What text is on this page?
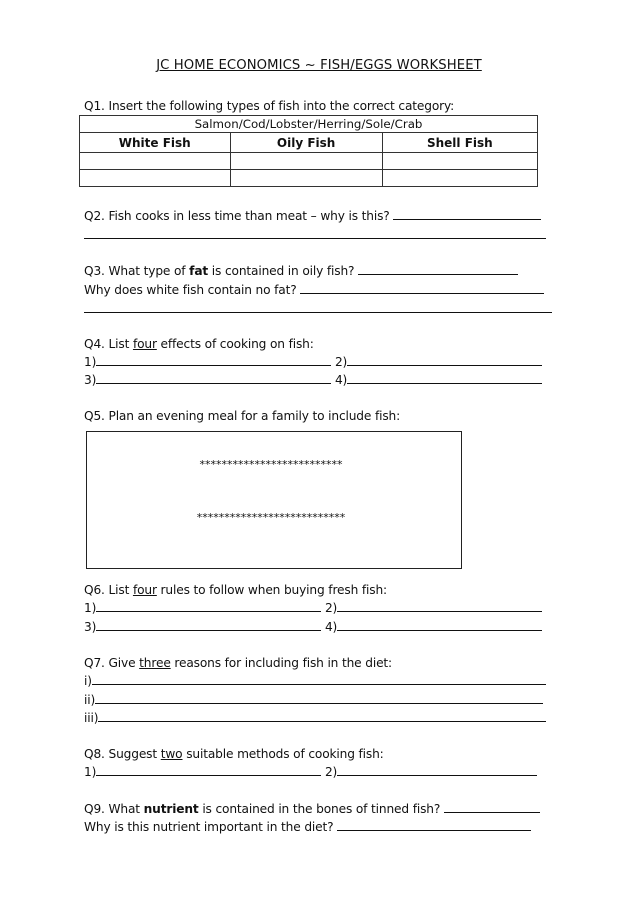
JC HOME ECONOMICS ~ FISH/EGGS WORKSHEET
Q1. Insert the following types of fish into the correct category:
Salmon/Cod/Lobster/Herring/Sole/Crab		
White Fish	Oily Fish	Shell Fish

Q2. Fish cooks in less time than meat – why is this?
Q3. What type of fat is contained in oily fish?
Why does white fish contain no fat?
Q4. List four effects of cooking on fish:
1)	2)
3)	4)
Q5. Plan an evening meal for a family to include fish:
**************************
***************************
Q6. List four rules to follow when buying fresh fish:
1)	2)
3)	4)
Q7. Give three reasons for including fish in the diet:
i)
ii)
iii)
Q8. Suggest two suitable methods of cooking fish:
1)	2)
Q9. What nutrient is contained in the bones of tinned fish?
Why is this nutrient important in the diet?
